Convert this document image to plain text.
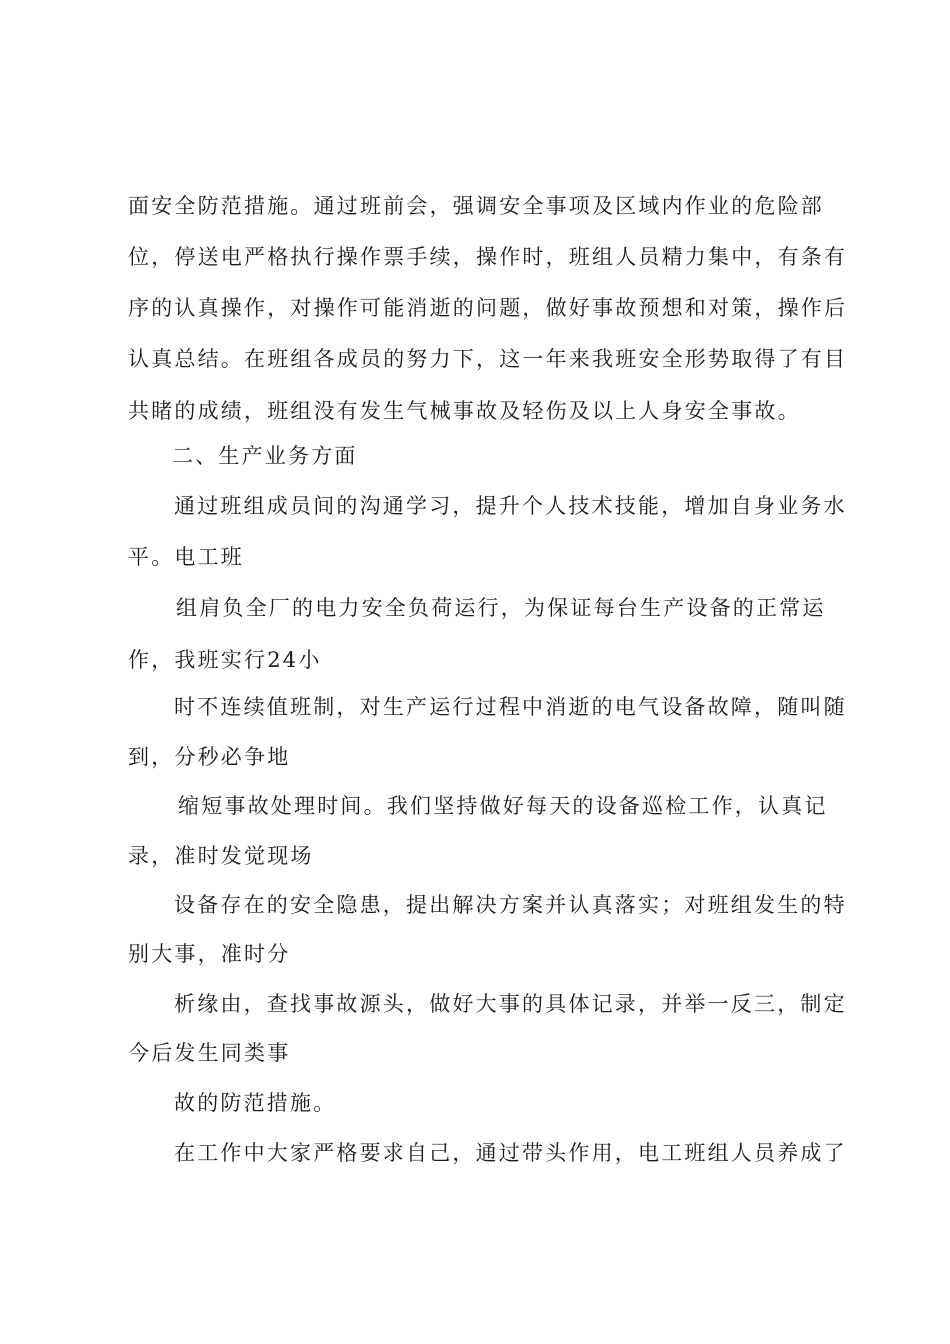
面安全防范措施。通过班前会，强调安全事项及区域内作业的危险部
位，停送电严格执行操作票手续，操作时，班组人员精力集中，有条有
序的认真操作，对操作可能消逝的问题，做好事故预想和对策，操作后
认真总结。在班组各成员的努力下，这一年来我班安全形势取得了有目
共睹的成绩，班组没有发生气械事故及轻伤及以上人身安全事故。
二、生产业务方面
通过班组成员间的沟通学习，提升个人技术技能，增加自身业务水
平。电工班
组肩负全厂的电力安全负荷运行，为保证每台生产设备的正常运
作，我班实行24小
时不连续值班制，对生产运行过程中消逝的电气设备故障，随叫随
到，分秒必争地
缩短事故处理时间。我们坚持做好每天的设备巡检工作，认真记
录，准时发觉现场
设备存在的安全隐患，提出解决方案并认真落实；对班组发生的特
别大事，准时分
析缘由，查找事故源头，做好大事的具体记录，并举一反三，制定
今后发生同类事
故的防范措施。
在工作中大家严格要求自己，通过带头作用，电工班组人员养成了
